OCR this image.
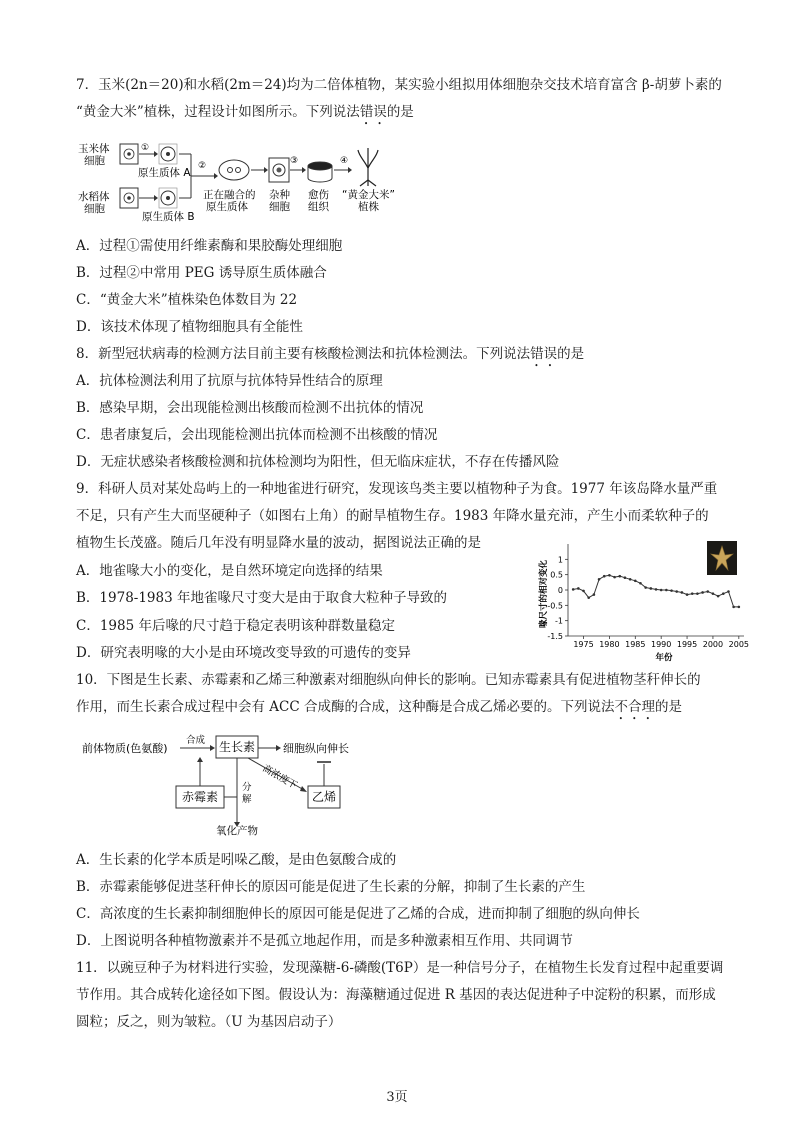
7．玉米(2n＝20)和水稻(2m＝24)均为二倍体植物，某实验小组拟用体细胞杂交技术培育富含 β-胡萝卜素的
“黄金大米”植株，过程设计如图所示。下列说法错误的是
玉米体
细胞
水稻体
细胞
①
原生质体 A
原生质体 B
②
正在融合的
原生质体
③
杂种
细胞
愈伤
组织
④
“黄金大米”
植株
A．过程①需使用纤维素酶和果胶酶处理细胞
B．过程②中常用 PEG 诱导原生质体融合
C．“黄金大米”植株染色体数目为 22
D．该技术体现了植物细胞具有全能性
8．新型冠状病毒的检测方法目前主要有核酸检测法和抗体检测法。下列说法错误的是
A．抗体检测法利用了抗原与抗体特异性结合的原理
B．感染早期，会出现能检测出核酸而检测不出抗体的情况
C．患者康复后，会出现能检测出抗体而检测不出核酸的情况
D．无症状感染者核酸检测和抗体检测均为阳性，但无临床症状，不存在传播风险
9．科研人员对某处岛屿上的一种地雀进行研究，发现该鸟类主要以植物种子为食。1977 年该岛降水量严重
不足，只有产生大而坚硬种子（如图右上角）的耐旱植物生存。1983 年降水量充沛，产生小而柔软种子的
植物生长茂盛。随后几年没有明显降水量的波动，据图说法正确的是
A．地雀喙大小的变化，是自然环境定向选择的结果
B．1978-1983 年地雀喙尺寸变大是由于取食大粒种子导致的
C．1985 年后喙的尺寸趋于稳定表明该种群数量稳定
D．研究表明喙的大小是由环境改变导致的可遗传的变异
喙尺寸的相对变化
1
0.5
0
-0.5
-1
-1.5
1975 1980 1985 1990 1995 2000 2005
年份
10．下图是生长素、赤霉素和乙烯三种激素对细胞纵向伸长的影响。已知赤霉素具有促进植物茎秆伸长的
作用，而生长素合成过程中会有 ACC 合成酶的合成，这种酶是合成乙烯必要的。下列说法不合理的是
前体物质(色氨酸)
合成 生长素	细胞纵向伸长
赤霉素
分
解
氧化产物
高浓度下
乙烯
A．生长素的化学本质是吲哚乙酸，是由色氨酸合成的
B．赤霉素能够促进茎秆伸长的原因可能是促进了生长素的分解，抑制了生长素的产生
C．高浓度的生长素抑制细胞伸长的原因可能是促进了乙烯的合成，进而抑制了细胞的纵向伸长
D．上图说明各种植物激素并不是孤立地起作用，而是多种激素相互作用、共同调节
11．以豌豆种子为材料进行实验，发现藻糖-6-磷酸(T6P）是一种信号分子，在植物生长发育过程中起重要调
节作用。其合成转化途径如下图。假设认为：海藻糖通过促进 R 基因的表达促进种子中淀粉的积累，而形成
圆粒；反之，则为皱粒。（U 为基因启动子）
3页
